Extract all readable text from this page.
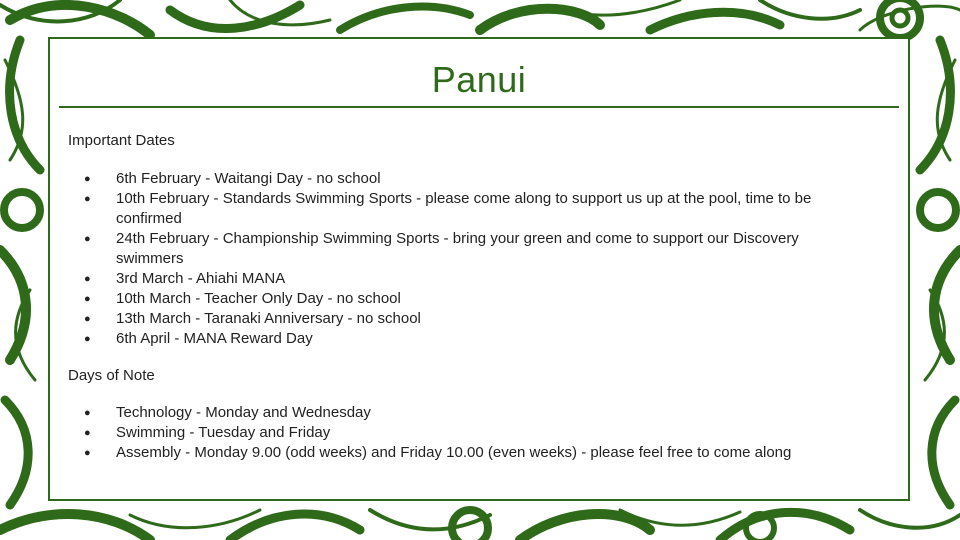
Panui
Important Dates
● 6th February - Waitangi Day - no school
● 10th February - Standards Swimming Sports - please come along to support us up at the pool, time to be confirmed
● 24th February - Championship Swimming Sports - bring your green and come to support our Discovery swimmers
● 3rd March - Ahiahi MANA
● 10th March - Teacher Only Day - no school
● 13th March - Taranaki Anniversary - no school
● 6th April - MANA Reward Day
Days of Note
● Technology - Monday and Wednesday
● Swimming - Tuesday and Friday
● Assembly - Monday 9.00 (odd weeks) and Friday 10.00 (even weeks) - please feel free to come along
